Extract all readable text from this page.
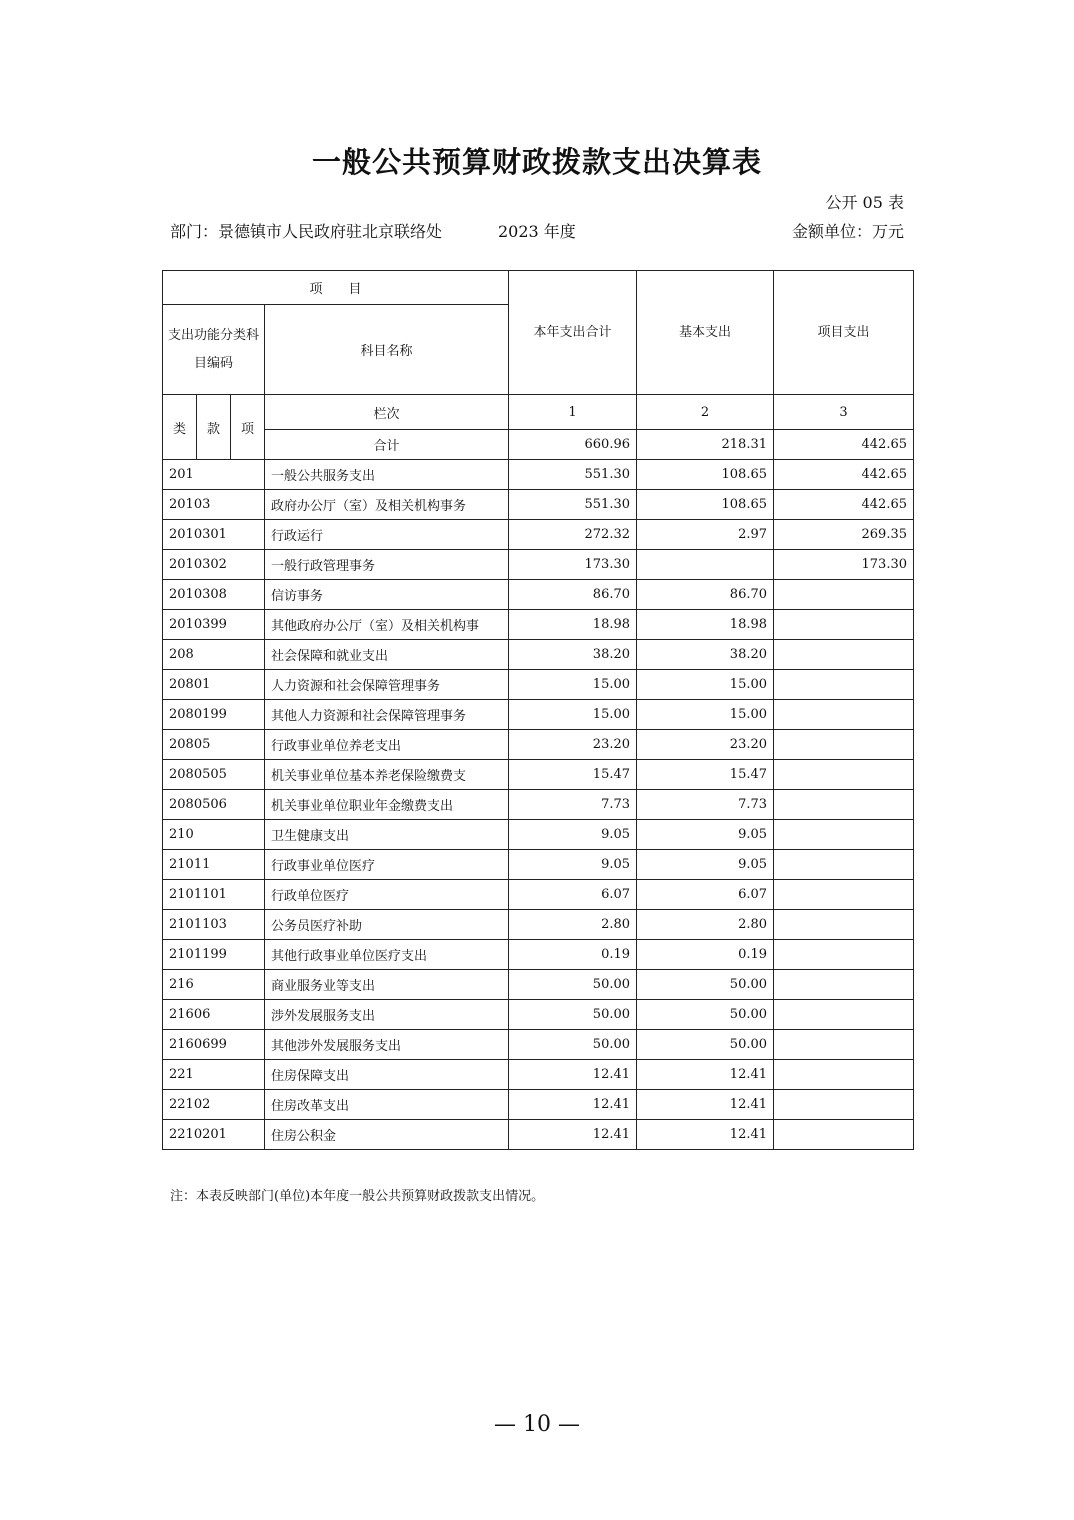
一般公共预算财政拨款支出决算表
公开 05 表
部门：景德镇市人民政府驻北京联络处	2023 年度	金额单位：万元
项　　目				本年支出合计	基本支出	项目支出
支出功能分类科目编码			科目名称			
类	款	项	栏次	1	2	3
			合计	660.96	218.31	442.65
201			一般公共服务支出	551.30	108.65	442.65
20103			政府办公厅（室）及相关机构事务	551.30	108.65	442.65
2010301			行政运行	272.32	2.97	269.35
2010302			一般行政管理事务	173.30		173.30
2010308			信访事务	86.70	86.70	
2010399			其他政府办公厅（室）及相关机构事	18.98	18.98	
208			社会保障和就业支出	38.20	38.20	
20801			人力资源和社会保障管理事务	15.00	15.00	
2080199			其他人力资源和社会保障管理事务	15.00	15.00	
20805			行政事业单位养老支出	23.20	23.20	
2080505			机关事业单位基本养老保险缴费支	15.47	15.47	
2080506			机关事业单位职业年金缴费支出	7.73	7.73	
210			卫生健康支出	9.05	9.05	
21011			行政事业单位医疗	9.05	9.05	
2101101			行政单位医疗	6.07	6.07	
2101103			公务员医疗补助	2.80	2.80	
2101199			其他行政事业单位医疗支出	0.19	0.19	
216			商业服务业等支出	50.00	50.00	
21606			涉外发展服务支出	50.00	50.00	
2160699			其他涉外发展服务支出	50.00	50.00	
221			住房保障支出	12.41	12.41	
22102			住房改革支出	12.41	12.41	
2210201			住房公积金	12.41	12.41	
注：本表反映部门(单位)本年度一般公共预算财政拨款支出情况。
— 10 —
